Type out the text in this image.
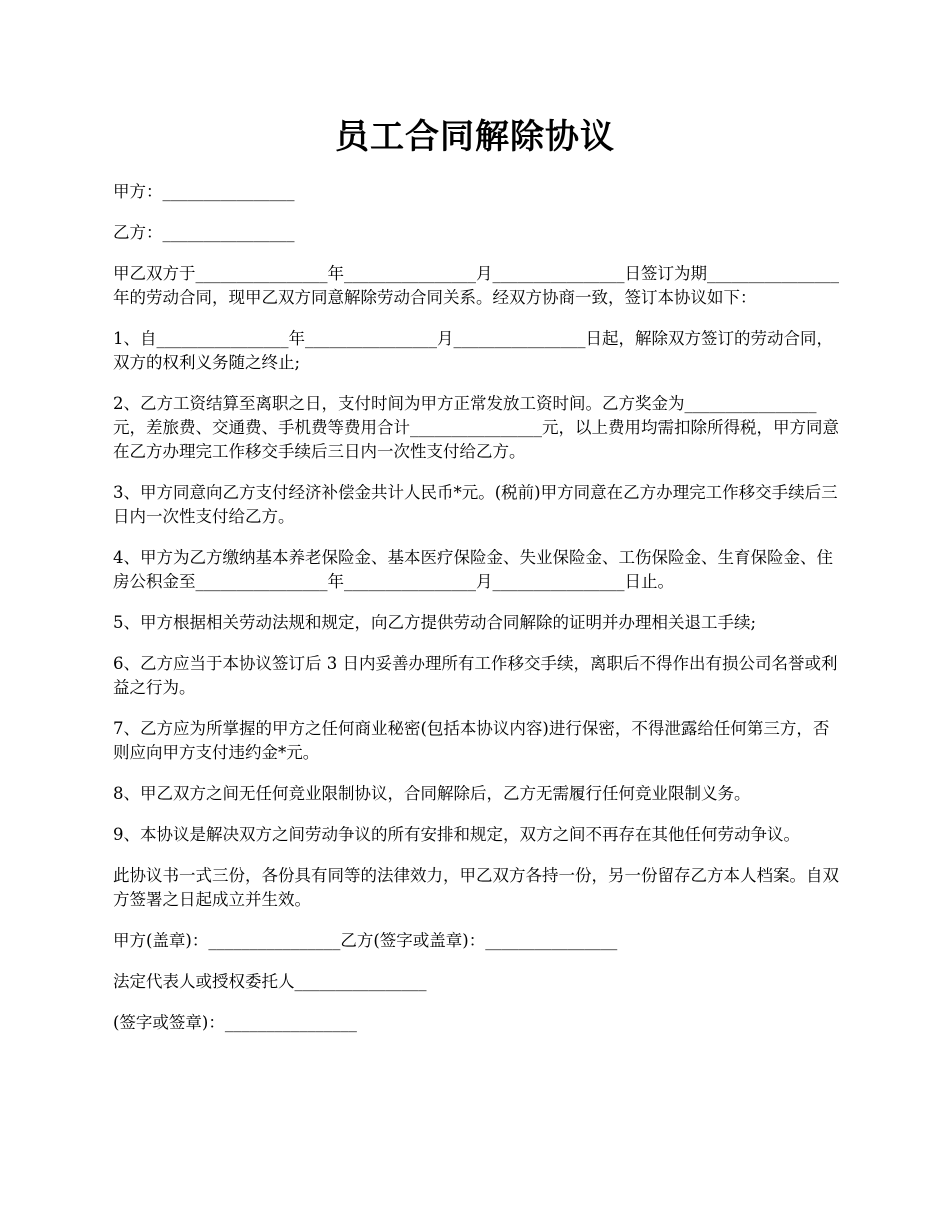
员工合同解除协议

甲方：________________

乙方：________________

甲乙双方于________________年________________月________________日签订为期________________年的劳动合同，现甲乙双方同意解除劳动合同关系。经双方协商一致，签订本协议如下：

1、自________________年________________月________________日起，解除双方签订的劳动合同，双方的权利义务随之终止;

2、乙方工资结算至离职之日，支付时间为甲方正常发放工资时间。乙方奖金为________________元，差旅费、交通费、手机费等费用合计________________元，以上费用均需扣除所得税，甲方同意在乙方办理完工作移交手续后三日内一次性支付给乙方。

3、甲方同意向乙方支付经济补偿金共计人民币*元。(税前)甲方同意在乙方办理完工作移交手续后三日内一次性支付给乙方。

4、甲方为乙方缴纳基本养老保险金、基本医疗保险金、失业保险金、工伤保险金、生育保险金、住房公积金至________________年________________月________________日止。

5、甲方根据相关劳动法规和规定，向乙方提供劳动合同解除的证明并办理相关退工手续;

6、乙方应当于本协议签订后 3 日内妥善办理所有工作移交手续，离职后不得作出有损公司名誉或利益之行为。

7、乙方应为所掌握的甲方之任何商业秘密(包括本协议内容)进行保密，不得泄露给任何第三方，否则应向甲方支付违约金*元。

8、甲乙双方之间无任何竞业限制协议，合同解除后，乙方无需履行任何竞业限制义务。

9、本协议是解决双方之间劳动争议的所有安排和规定，双方之间不再存在其他任何劳动争议。

此协议书一式三份，各份具有同等的法律效力，甲乙双方各持一份，另一份留存乙方本人档案。自双方签署之日起成立并生效。

甲方(盖章)：________________乙方(签字或盖章)：________________

法定代表人或授权委托人________________

(签字或签章)：________________
